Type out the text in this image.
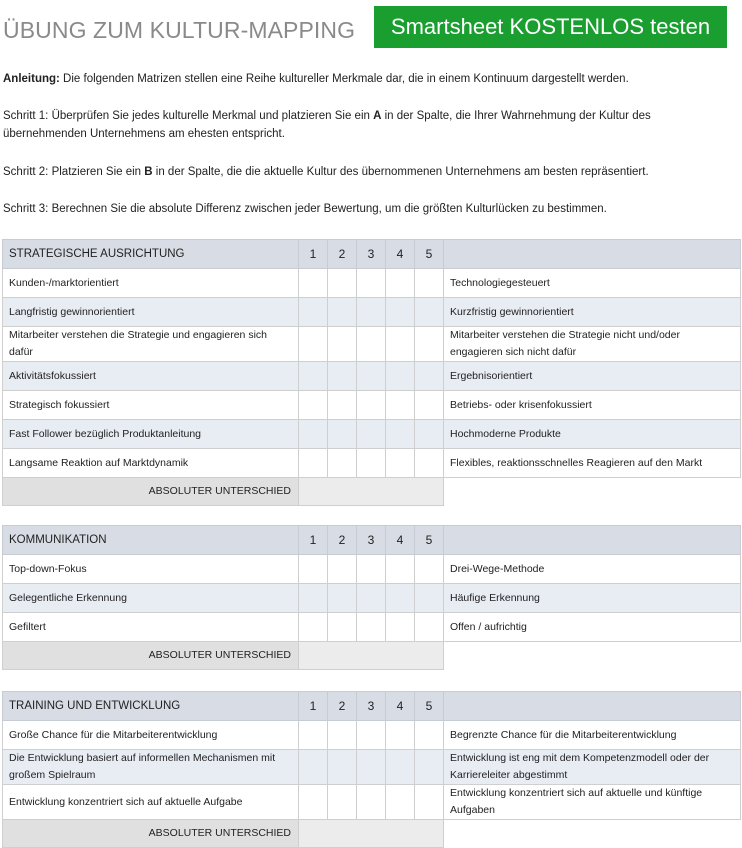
ÜBUNG ZUM KULTUR-MAPPING	Smartsheet KOSTENLOS testen
Anleitung: Die folgenden Matrizen stellen eine Reihe kultureller Merkmale dar, die in einem Kontinuum dargestellt werden.
Schritt 1: Überprüfen Sie jedes kulturelle Merkmal und platzieren Sie ein A in der Spalte, die Ihrer Wahrnehmung der Kultur des übernehmenden Unternehmens am ehesten entspricht.
Schritt 2: Platzieren Sie ein B in der Spalte, die die aktuelle Kultur des übernommenen Unternehmens am besten repräsentiert.
Schritt 3: Berechnen Sie die absolute Differenz zwischen jeder Bewertung, um die größten Kulturlücken zu bestimmen.
STRATEGISCHE AUSRICHTUNG	1	2	3	4	5	
Kunden-/marktorientiert						Technologiegesteuert
Langfristig gewinnorientiert						Kurzfristig gewinnorientiert
Mitarbeiter verstehen die Strategie und engagieren sich dafür						Mitarbeiter verstehen die Strategie nicht und/oder engagieren sich nicht dafür
Aktivitätsfokussiert						Ergebnisorientiert
Strategisch fokussiert						Betriebs- oder krisenfokussiert
Fast Follower bezüglich Produktanleitung						Hochmoderne Produkte
Langsame Reaktion auf Marktdynamik						Flexibles, reaktionsschnelles Reagieren auf den Markt
ABSOLUTER UNTERSCHIED						
KOMMUNIKATION	1	2	3	4	5	
Top-down-Fokus						Drei-Wege-Methode
Gelegentliche Erkennung						Häufige Erkennung
Gefiltert						Offen / aufrichtig
ABSOLUTER UNTERSCHIED						
TRAINING UND ENTWICKLUNG	1	2	3	4	5	
Große Chance für die Mitarbeiterentwicklung						Begrenzte Chance für die Mitarbeiterentwicklung
Die Entwicklung basiert auf informellen Mechanismen mit großem Spielraum						Entwicklung ist eng mit dem Kompetenzmodell oder der Karriereleiter abgestimmt
Entwicklung konzentriert sich auf aktuelle Aufgabe						Entwicklung konzentriert sich auf aktuelle und künftige Aufgaben
ABSOLUTER UNTERSCHIED						
